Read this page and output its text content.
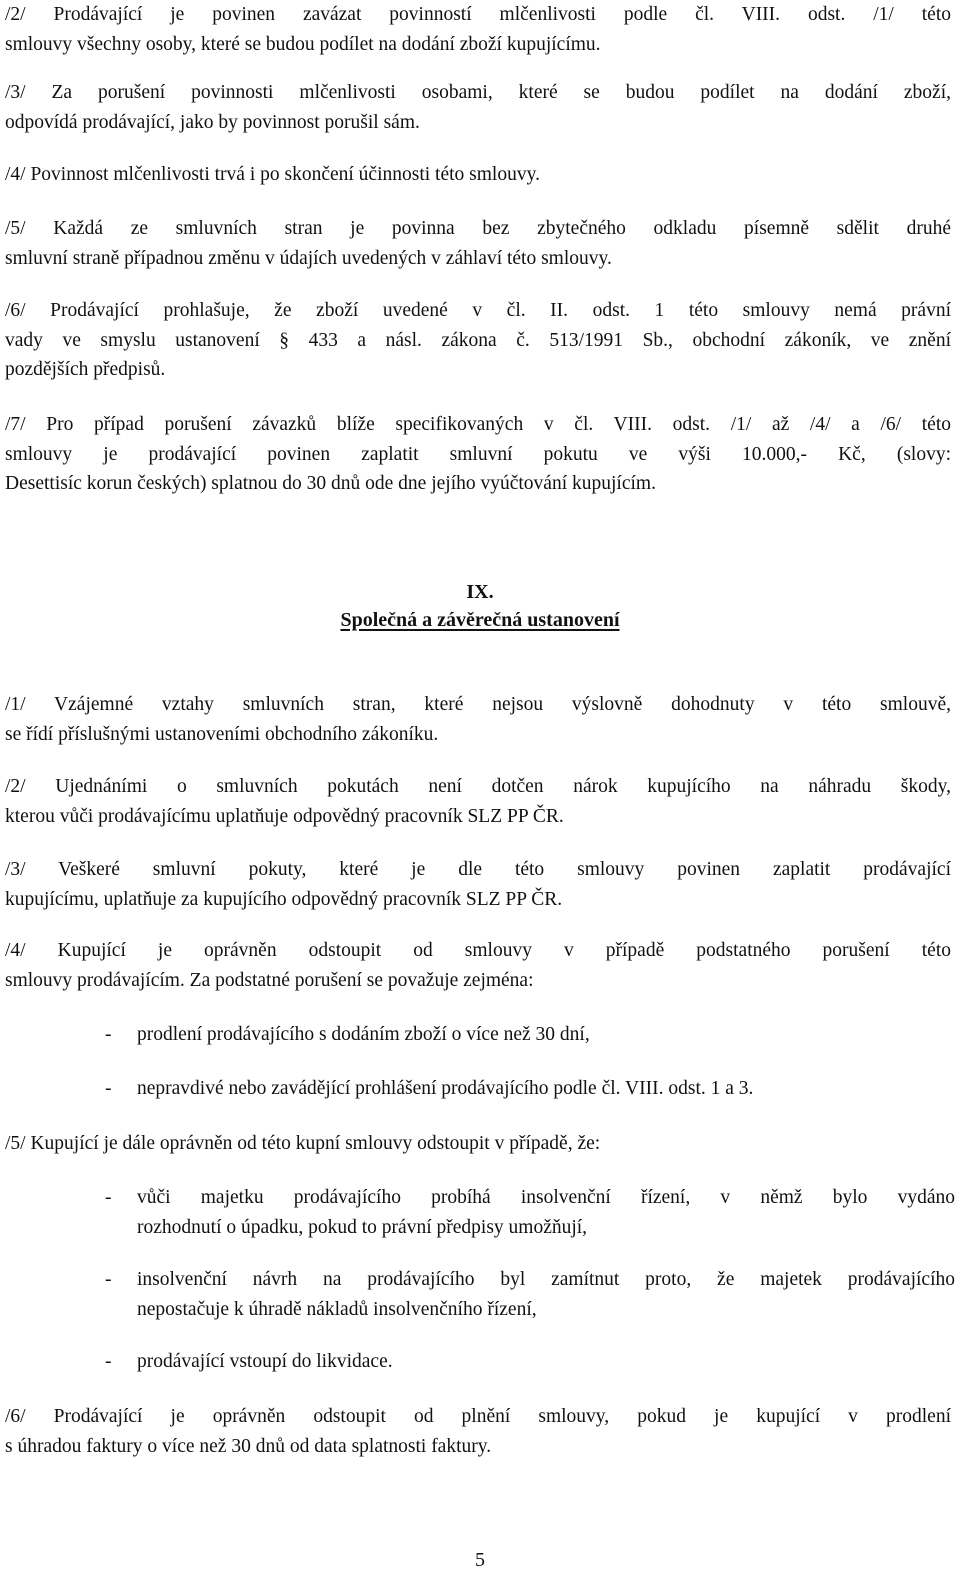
/2/ Prodávající je povinen zavázat povinností mlčenlivosti podle čl. VIII. odst. /1/ této
smlouvy všechny osoby, které se budou podílet na dodání zboží kupujícímu.
/3/ Za porušení povinnosti mlčenlivosti osobami, které se budou podílet na dodání zboží,
odpovídá prodávající, jako by povinnost porušil sám.
/4/ Povinnost mlčenlivosti trvá i po skončení účinnosti této smlouvy.
/5/ Každá ze smluvních stran je povinna bez zbytečného odkladu písemně sdělit druhé
smluvní straně případnou změnu v údajích uvedených v záhlaví této smlouvy.
/6/ Prodávající prohlašuje, že zboží uvedené v čl. II. odst. 1 této smlouvy nemá právní
vady ve smyslu ustanovení § 433 a násl. zákona č. 513/1991 Sb., obchodní zákoník, ve znění
pozdějších předpisů.
/7/ Pro případ porušení závazků blíže specifikovaných v čl. VIII. odst. /1/ až /4/ a /6/ této
smlouvy je prodávající povinen zaplatit smluvní pokutu ve výši 10.000,- Kč, (slovy:
Desettisíc korun českých) splatnou do 30 dnů ode dne jejího vyúčtování kupujícím.
IX.
Společná a závěrečná ustanovení
/1/ Vzájemné vztahy smluvních stran, které nejsou výslovně dohodnuty v této smlouvě,
se řídí příslušnými ustanoveními obchodního zákoníku.
/2/ Ujednáními o smluvních pokutách není dotčen nárok kupujícího na náhradu škody,
kterou vůči prodávajícímu uplatňuje odpovědný pracovník SLZ PP ČR.
/3/ Veškeré smluvní pokuty, které je dle této smlouvy povinen zaplatit prodávající
kupujícímu, uplatňuje za kupujícího odpovědný pracovník SLZ PP ČR.
/4/ Kupující je oprávněn odstoupit od smlouvy v případě podstatného porušení této
smlouvy prodávajícím. Za podstatné porušení se považuje zejména:
- prodlení prodávajícího s dodáním zboží o více než 30 dní,
- nepravdivé nebo zavádějící prohlášení prodávajícího podle čl. VIII. odst. 1 a 3.
/5/ Kupující je dále oprávněn od této kupní smlouvy odstoupit v případě, že:
- vůči majetku prodávajícího probíhá insolvenční řízení, v němž bylo vydáno
rozhodnutí o úpadku, pokud to právní předpisy umožňují,
- insolvenční návrh na prodávajícího byl zamítnut proto, že majetek prodávajícího
nepostačuje k úhradě nákladů insolvenčního řízení,
- prodávající vstoupí do likvidace.
/6/ Prodávající je oprávněn odstoupit od plnění smlouvy, pokud je kupující v prodlení
s úhradou faktury o více než 30 dnů od data splatnosti faktury.
5
